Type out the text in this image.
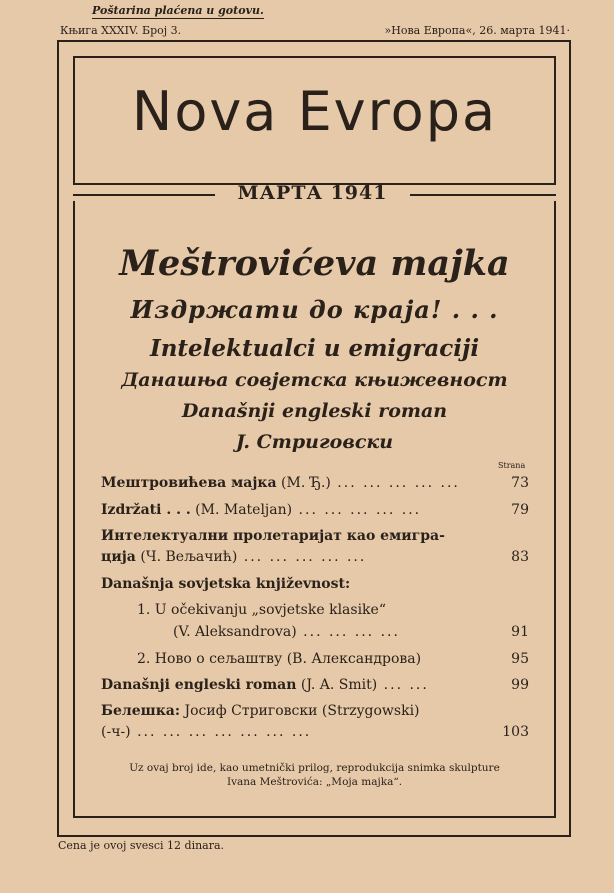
Poštarina plaćena u gotovu.
Књига XXXIV. Број 3.	»Нова Европа«, 26. марта 1941·
Nova Evropa
МАРТА 1941
Meštrovićeva majka
Издржати до краја! . . .
Intelektualci u emigraciji
Данашња совјетска књижевност
Današnji engleski roman
J. Стриговски
Strana
Мештровићева мајка (М. Ђ.) ... ... ... ... ...	73
Izdržati . . . (M. Mateljan) ... ... ... ... ...	79
Интелектуални пролетаријат као емигра-
ција (Ч. Вељачић) ... ... ... ... ...	83
Današnja sovjetska književnost:
1. U očekivanju „sovjetske klasike“
(V. Aleksandrova) ... ... ... ...	91
2. Ново о сељаштву (В. Александрова)	95
Današnji engleski roman (J. A. Smit) ... ...	99
Белешка: Јосиф Стриговски (Strzygowski)
(-ч-) ... ... ... ... ... ... ...	103
Uz ovaj broj ide, kao umetnički prilog, reprodukcija snimka skulpture
Ivana Meštrovića: „Moja majka“.
Cena je ovoj svesci 12 dinara.
